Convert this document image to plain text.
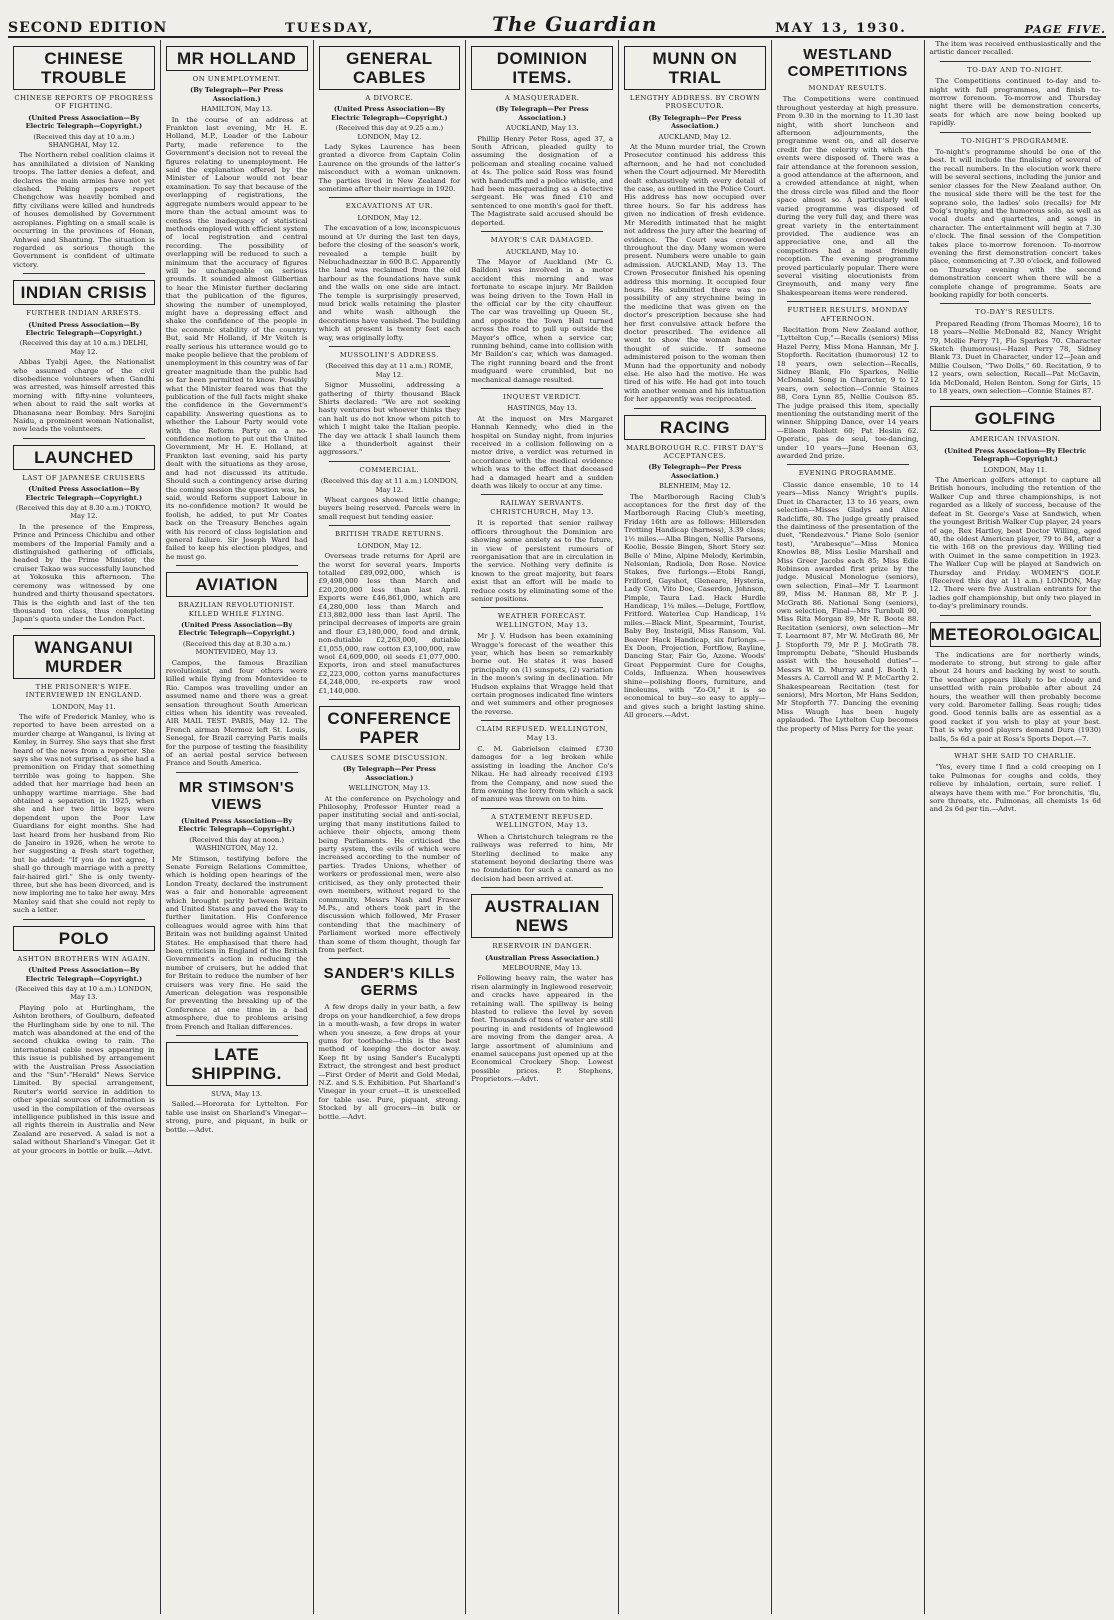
SECOND EDITION	TUESDAY,	The Guardian	MAY 13, 1930.	PAGE FIVE.
CHINESE TROUBLE
CHINESE REPORTS OF PROGRESS OF FIGHTING.
(United Press Association—By Electric Telegraph—Copyright.)
(Received this day at 10 a.m.) SHANGHAI, May 12.

The Northern rebel coalition claims it has annihilated a division of Nanking troops. The latter denies a defeat, and declares the main armies have not yet clashed. Peking papers report Chengchow was heavily bombed and fifty civilians were killed and hundreds of houses demolished by Government aeroplanes. Fighting on a small scale is occurring in the provinces of Honan, Anhwei and Shantung. The situation is regarded as serious though the Government is confident of ultimate victory.

INDIAN CRISIS
FURTHER INDIAN ARRESTS.
(United Press Association—By Electric Telegraph—Copyright.)
(Received this day at 10 a.m.) DELHI, May 12.

Abbas Tyabji Agee, the Nationalist who assumed charge of the civil disobedience volunteers when Gandhi was arrested, was himself arrested this morning with fifty-nine volunteers, when about to raid the salt works at Dhanasana near Bombay. Mrs Sarojini Naidu, a prominent woman Nationalist, now leads the volunteers.

LAUNCHED
LAST OF JAPANESE CRUISERS
(United Press Association—By Electric Telegraph—Copyright.)
(Received this day at 8.30 a.m.) TOKYO, May 12.

In the presence of the Empress, Prince and Princess Chichibu and other members of the Imperial Family and a distinguished gathering of officials, headed by the Prime Minister, the cruiser Takao was successfully launched at Yokosuka this afternoon. The ceremony was witnessed by one hundred and thirty thousand spectators. This is the eighth and last of the ten thousand ton class, thus completing Japan's quota under the London Pact.

WANGANUI MURDER
THE PRISONER'S WIFE. INTERVIEWED IN ENGLAND.
LONDON, May 11.

The wife of Frederick Manley, who is reported to have been arrested on a murder charge at Wanganui, is living at Kenley, in Surrey. She says that she first heard of the news from a reporter. She says she was not surprised, as she had a premonition on Friday that something terrible was going to happen. She added that her marriage had been an unhappy wartime marriage. She had obtained a separation in 1925, when she and her two little boys were dependent upon the Poor Law Guardians for eight months. She had last heard from her husband from Rio de Janeiro in 1926, when he wrote to her suggesting a fresh start together, but he added: "If you do not agree, I shall go through marriage with a pretty fair-haired girl." She is only twenty-three, but she has been divorced, and is now imploring me to take her away. Mrs Manley said that she could not reply to such a letter.

POLO
ASHTON BROTHERS WIN AGAIN.
(United Press Association—By Electric Telegraph—Copyright.)
(Received this day at 10 a.m.) LONDON, May 13.

Playing polo at Hurlingham, the Ashton brothers, of Goulburn, defeated the Hurlingham side by one to nil. The match was abandoned at the end of the second chukka owing to rain. The international cable news appearing in this issue is published by arrangement with the Australian Press Association and the "Sun"-"Herald" News Service Limited. By special arrangement, Reuter's world service in addition to other special sources of information is used in the compilation of the overseas intelligence published in this issue and all rights therein in Australia and New Zealand are reserved. A salad is not a salad without Sharland's Vinegar. Get it at your grocers in bottle or bulk.—Advt.

MR HOLLAND
ON UNEMPLOYMENT.
(By Telegraph—Per Press Association.)
HAMILTON, May 13.

In the course of an address at Frankton last evening, Mr H. E. Holland, M.P., Leader of the Labour Party, made reference to the Government's decision not to reveal the figures relating to unemployment. He said the explanation offered by the Minister of Labour would not bear examination. To say that because of the overlapping of registrations, the aggregate numbers would appear to be more than the actual amount was to confess the inadequacy of statistical methods employed with efficient system of local registration and central recording. The possibility of overlapping will be reduced to such a minimum that the accuracy of figures will be unchangeable on serious grounds. It sounded almost Gilbertian to hear the Minister further declaring that the publication of the figures, showing the number of unemployed, might have a depressing effect and shake the confidence of the people in the economic stability of the country. But, said Mr Holland, if Mr Veitch is really serious his utterance would go to make people believe that the problem of unemployment in this country was of far greater magnitude than the public had so far been permitted to know. Possibly what the Minister feared was that the publication of the full facts might shake the confidence in the Government's capability. Answering questions as to whether the Labour Party would vote with the Reform Party on a no-confidence motion to put out the United Government, Mr H. E. Holland, at Frankton last evening, said his party dealt with the situations as they arose, and had not discussed its attitude. Should such a contingency arise during the coming session the question was, he said, would Reform support Labour in its no-confidence motion? It would be foolish, he added, to put Mr Coates back on the Treasury Benches again with his record of class legislation and general failure. Sir Joseph Ward had failed to keep his election pledges, and he must go.

AVIATION
BRAZILIAN REVOLUTIONIST. KILLED WHILE FLYING.
(United Press Association—By Electric Telegraph—Copyright.)
(Received this day at 8.30 a.m.) MONTEVIDEO, May 13.

Campos, the famous Brazilian revolutionist, and four others were killed while flying from Montevideo to Rio. Campos was travelling under an assumed name and there was a great sensation throughout South American cities when his identity was revealed. AIR MAIL TEST. PARIS, May 12. The French airman Mermoz left St. Louis, Senegal, for Brazil carrying Paris mails for the purpose of testing the feasibility of an aerial postal service between France and South America.

MR STIMSON'S VIEWS
(United Press Association—By Electric Telegraph—Copyright.)
(Received this day at noon.) WASHINGTON, May 12.

Mr Stimson, testifying before the Senate Foreign Relations Committee, which is holding open hearings of the London Treaty, declared the instrument was a fair and honorable agreement which brought parity between Britain and United States and paved the way to further limitation. His Conference colleagues would agree with him that Britain was not building against United States. He emphasised that there had been criticism in England of the British Government's action in reducing the number of cruisers, but he added that for Britain to reduce the number of her cruisers was very fine. He said the American delegation was responsible for preventing the breaking up of the Conference at one time in a bad atmosphere, due to problems arising from French and Italian differences.

LATE SHIPPING.
SUVA, May 13.

Sailed.—Hororata for Lyttelton. For table use insist on Sharland's Vinegar—strong, pure, and piquant, in bulk or bottle.—Advt.

GENERAL CABLES
A DIVORCE.
(United Press Association—By Electric Telegraph—Copyright.)
(Received this day at 9.25 a.m.) LONDON, May 12.

Lady Sykes Laurence has been granted a divorce from Captain Colin Laurence on the grounds of the latter's misconduct with a woman unknown. The parties lived in New Zealand for sometime after their marriage in 1920.

EXCAVATIONS AT UR.
LONDON, May 12.

The excavation of a low, inconspicuous mound at Ur during the last ten days, before the closing of the season's work, revealed a temple built by Nebuchadnezzar in 600 B.C. Apparently the land was reclaimed from the old harbour as the foundations have sunk and the walls on one side are intact. The temple is surprisingly preserved, mud brick walls retaining the plaster and white wash although the decorations have vanished. The building which at present is twenty feet each way, was originally lofty.

MUSSOLINI'S ADDRESS.
(Received this day at 11 a.m.) ROME, May 12.

Signor Mussolini, addressing a gathering of thirty thousand Black Shirts declared: "We are not seeking hasty ventures but whoever thinks they can halt us do not know whom pitch to which I might take the Italian people. The day we attack I shall launch them like a thunderbolt against their aggressors."

COMMERCIAL.
(Received this day at 11 a.m.) LONDON, May 12.

Wheat cargoes showed little change; buyers being reserved. Parcels were in small request but tending easier.

BRITISH TRADE RETURNS.
LONDON, May 12.

Overseas trade returns for April are the worst for several years. Imports totalled £89,092,000, which is £9,498,000 less than March and £20,200,000 less than last April. Exports were £46,861,000, which are £4,280,000 less than March and £13,882,000 less than last April. The principal decreases of imports are grain and flour £3,180,000, food and drink, non-dutiable £2,263,000, dutiable £1,055,000, raw cotton £3,100,000, raw wool £4,609,000, oil seeds £1,077,000. Exports, iron and steel manufactures £2,223,000, cotton yarns manufactures £4,248,000, re-exports raw wool £1,140,000.

CONFERENCE PAPER
CAUSES SOME DISCUSSION.
(By Telegraph—Per Press Association.)
WELLINGTON, May 13.

At the conference on Psychology and Philosophy, Professor Hunter read a paper instituting social and anti-social, urging that many institutions failed to achieve their objects, among them being Parliaments. He criticised the party system, the evils of which were increased according to the number of parties. Trades Unions, whether of workers or professional men, were also criticised, as they only protected their own members, without regard to the community. Messrs Nash and Fraser M.Ps., and others took part in the discussion which followed, Mr Fraser contending that the machinery of Parliament worked more effectively than some of them thought, though far from perfect.

SANDER'S KILLS GERMS

A few drops daily in your bath, a few drops on your handkerchief, a few drops in a mouth-wash, a few drops in water when you sneeze, a few drops at your gums for toothache—this is the best method of keeping the doctor away. Keep fit by using Sander's Eucalypti Extract, the strongest and best product—First Order of Merit and Gold Medal, N.Z. and S.S. Exhibition. Put Sharland's Vinegar in your cruet—it is unexcelled for table use. Pure, piquant, strong. Stocked by all grocers—in bulk or bottle.—Advt.

DOMINION ITEMS.
A MASQUERADER.
(By Telegraph—Per Press Association.)
AUCKLAND, May 13.

Phillip Henry Peter Ross, aged 37, a South African, pleaded guilty to assuming the designation of a policeman and stealing cocaine valued at 4s. The police said Ross was found with handcuffs and a police whistle, and had been masquerading as a detective sergeant. He was fined £10 and sentenced to one month's gaol for theft. The Magistrate said accused should be deported.

MAYOR'S CAR DAMAGED.
AUCKLAND, May 10.

The Mayor of Auckland (Mr G. Baildon) was involved in a motor accident this morning and was fortunate to escape injury. Mr Baildon was being driven to the Town Hall in the official car by the city chauffeur. The car was travelling up Queen St., and opposite the Town Hall turned across the road to pull up outside the Mayor's office, when a service car, running behind, came into collision with Mr Baildon's car, which was damaged. The right running board and the front mudguard were crumbled, but no mechanical damage resulted.

INQUEST VERDICT.
HASTINGS, May 13.

At the inquest on Mrs Margaret Hannah Kennedy, who died in the hospital on Sunday night, from injuries received in a collision following on a motor drive, a verdict was returned in accordance with the medical evidence which was to the effect that deceased had a damaged heart and a sudden death was likely to occur at any time.

RAILWAY SERVANTS. CHRISTCHURCH, May 13.

It is reported that senior railway officers throughout the Dominion are showing some anxiety as to the future, in view of persistent rumours of reorganisation that are in circulation in the service. Nothing very definite is known to the great majority, but fears exist that an effort will be made to reduce costs by eliminating some of the senior positions.

WEATHER FORECAST. WELLINGTON, May 13.

Mr J. V. Hudson has been examining Wragge's forecast of the weather this year, which has been so remarkably borne out. He states it was based principally on (1) sunspots, (2) variation in the moon's swing in declination. Mr Hudson explains that Wragge held that certain prognoses indicated fine winters and wet summers and other prognoses the reverse.

CLAIM REFUSED. WELLINGTON, May 13.

C. M. Gabrielson claimed £730 damages for a leg broken while assisting in loading the Anchor Co's Nikau. He had already received £193 from the Company, and now sued the firm owning the lorry from which a sack of manure was thrown on to him.

A STATEMENT REFUSED. WELLINGTON, May 13.

When a Christchurch telegram re the railways was referred to him, Mr Sterling declined to make any statement beyond declaring there was no foundation for such a canard as no decision had been arrived at.

AUSTRALIAN NEWS
RESERVOIR IN DANGER.
(Australian Press Association.)
MELBOURNE, May 13.

Following heavy rain, the water has risen alarmingly in Inglewood reservoir, and cracks have appeared in the retaining wall. The spillway is being blasted to relieve the level by seven feet. Thousands of tons of water are still pouring in and residents of Inglewood are moving from the danger area. A large assortment of aluminium and enamel saucepans just opened up at the Economical Crockery Shop. Lowest possible prices. P. Stephens, Proprietors.—Advt.

MUNN ON TRIAL
LENGTHY ADDRESS. BY CROWN PROSECUTOR.
(By Telegraph—Per Press Association.)
AUCKLAND, May 12.

At the Munn murder trial, the Crown Prosecutor continued his address this afternoon, and he had not concluded when the Court adjourned. Mr Meredith dealt exhaustively with every detail of the case, as outlined in the Police Court. His address has now occupied over three hours. So far his address has given no indication of fresh evidence. Mr Meredith intimated that he might not address the jury after the hearing of evidence. The Court was crowded throughout the day. Many women were present. Numbers were unable to gain admission. AUCKLAND, May 13. The Crown Prosecutor finished his opening address this morning. It occupied four hours. He submitted there was no possibility of any strychnine being in the medicine that was given on the doctor's prescription because she had her first convulsive attack before the doctor prescribed. The evidence all went to show the woman had no thought of suicide. If someone administered poison to the woman then Munn had the opportunity and nobody else. He also had the motive. He was tired of his wife. He had got into touch with another woman and his infatuation for her apparently was reciprocated.

RACING
MARLBOROUGH R.C. FIRST DAY'S ACCEPTANCES.
(By Telegraph—Per Press Association.)
BLENHEIM, May 12.

The Marlborough Racing Club's acceptances for the first day of the Marlborough Racing Club's meeting, Friday 16th are as follows: Hillersden Trotting Handicap (harness), 3.39 class; 1½ miles.—Alba Bingen, Nellie Parsons, Koolie, Bessie Bingen, Short Story ser. Belle o' Mine, Alpine Melody, Kerimbin, Nelsonian, Radiola, Don Rose. Novice Stakes, five furlongs.—Etobi Rangi, Frilford, Gayshot, Gleneare, Hysteria, Lady Con, Vito Doe, Caserdon, Johnson, Pimple, Taura Lad. Hack Hurdle Handicap, 1¼ miles.—Deluge, Fortflow, Fritford. Waterlea Cup Handicap, 1¼ miles.—Black Mint, Spearmint, Tourist, Baby Boy, Insteigil, Miss Ransom, Val. Beaver Hack Handicap, six furlongs.—Ex Doon, Projection, Fortflow, Rayline, Dancing Star, Fair Go, Azone. Woods' Great Peppermint Cure for Coughs, Colds, Influenza. When housewives shine—polishing floors, furniture, and linoleums, with "Zo-Ol," it is so economical to buy—so easy to apply—and gives such a bright lasting shine. All grocers.—Advt.

WESTLAND COMPETITIONS
MONDAY RESULTS.

The Competitions were continued throughout yesterday at high pressure. From 9.30 in the morning to 11.30 last night, with short luncheon and afternoon adjournments, the programme went on, and all deserve credit for the celerity with which the events were disposed of. There was a fair attendance at the forenoon session, a good attendance at the afternoon, and a crowded attendance at night, when the dress circle was filled and the floor space almost so. A particularly well varied programme was disposed of during the very full day, and there was great variety in the entertainment provided. The audience was an appreciative one, and all the competitors had a most friendly reception. The evening programme proved particularly popular. There were several visiting elocutionists from Greymouth, and many very fine Shakespearean items were rendered.

FURTHER RESULTS. MONDAY AFTERNOON.

Recitation from New Zealand author, "Lyttelton Cup,"—Recalls (seniors) Miss Hazel Perry, Miss Mona Hannan, Mr J. Stopforth. Recitation (humorous) 12 to 18 years, own selection—Recalls, Sidney Blank, Flo Sparkes, Nellie McDonald. Song in Character, 9 to 12 years, own selection—Connie Staines 88, Cora Lynn 85, Nellie Coulson 85. The judge praised this item, specially mentioning the outstanding merit of the winner. Shipping Dance, over 14 years—Eileen Roblett 60; Pat Heslin 62. Operatic, pas de seul, toe-dancing, under 10 years—June Heenan 63, awarded 2nd prize.

EVENING PROGRAMME.

Classic dance ensemble, 10 to 14 years—Miss Nancy Wright's pupils. Duet in Character, 13 to 16 years, own selection—Misses Gladys and Alice Radcliffe, 80. The judge greatly praised the daintiness of the presentation of the duet, "Rendezvous." Piano Solo (senior test), "Arabesque"—Miss Monica Knowles 88, Miss Leslie Marshall and Miss Greer Jacobs each 85; Miss Edie Robinson awarded first prize by the judge. Musical Monologue (seniors), own selection, Final—Mr T. Learmont 89, Miss M. Hannan 88, Mr P. J. McGrath 86. National Song (seniors), own selection, Final—Mrs Turnbull 90, Miss Rita Morgan 89, Mr R. Boote 88. Recitation (seniors), own selection—Mr T. Learmont 87, Mr W. McGrath 86, Mr J. Stopforth 79, Mr P. J. McGrath 78. Impromptu Debate, "Should Husbands assist with the household duties"—Messrs W. D. Murray and J. Booth 1, Messrs A. Carroll and W. P. McCarthy 2. Shakespearean Recitation (test for seniors), Mrs Morton, Mr Hans Seddon, Mr Stopforth 77. Dancing the evening Miss Waugh has been hugely applauded. The Lyttelton Cup becomes the property of Miss Perry for the year.

The item was received enthusiastically and the artistic dancer recalled.

TO-DAY AND TO-NIGHT.

The Competitions continued to-day and to-night with full programmes, and finish to-morrow forenoon. To-morrow and Thursday night there will be demonstration concerts, seats for which are now being booked up rapidly.

TO-NIGHT'S PROGRAMME.

To-night's programme should be one of the best. It will include the finalising of several of the recall numbers. In the elocution work there will be several sections, including the junior and senior classes for the New Zealand author. On the musical side there will be the test for the soprano solo, the ladies' solo (recalls) for Mr Doig's trophy, and the humorous solo, as well as vocal duets and quartettes, and songs in character. The entertainment will begin at 7.30 o'clock. The final session of the Competition takes place to-morrow forenoon. To-morrow evening the first demonstration concert takes place, commencing at 7.30 o'clock, and followed on Thursday evening with the second demonstration concert when there will be a complete change of programme. Seats are booking rapidly for both concerts.

TO-DAY'S RESULTS.

Prepared Reading (from Thomas Moore), 16 to 18 years—Nellie McDonald 82, Nancy Wright 79, Mollie Perry 71, Flo Sparkes 70. Character Sketch (humorous)—Hazel Perry 78, Sidney Blank 73. Duet in Character, under 12—Jean and Millie Coulson, "Two Dolls," 60. Recitation, 9 to 12 years, own selection, Recall—Pat McGavin, Ida McDonald, Helen Renton. Song for Girls, 15 to 18 years, own selection—Connie Staines 87.

GOLFING
AMERICAN INVASION.
(United Press Association—By Electric Telegraph—Copyright.)
LONDON, May 11.

The American golfers attempt to capture all British honours, including the retention of the Walker Cup and three championships, is not regarded as a likely of success, because of the defeat in St. George's Vase at Sandwich, when the youngest British Walker Cup player, 24 years of age, Rex Hartley, beat Doctor Willing, aged 40, the oldest American player, 79 to 84, after a tie with 168 on the previous day. Willing tied with Ouimet in the same competition in 1923. The Walker Cup will be played at Sandwich on Thursday and Friday. WOMEN'S GOLF. (Received this day at 11 a.m.) LONDON, May 12. There were five Australian entrants for the ladies golf championship, but only two played in to-day's preliminary rounds.

METEOROLOGICAL

The indications are for northerly winds, moderate to strong, but strong to gale after about 24 hours and backing by west to south. The weather appears likely to be cloudy and unsettled with rain probable after about 24 hours, the weather will then probably become very cold. Barometer falling. Seas rough; tides good. Good tennis balls are as essential as a good racket if you wish to play at your best. That is why good players demand Dura (1930) balls, 5s 6d a pair at Ross's Sports Depot.—7.

WHAT SHE SAID TO CHARLIE.

"Yes, every time I find a cold creeping on I take Pulmonas for coughs and colds, they relieve by inhalation, certain, sure relief. I always have them with me." For bronchitis, 'flu, sore throats, etc. Pulmonas, all chemists 1s 6d and 2s 6d per tin.—Advt.
